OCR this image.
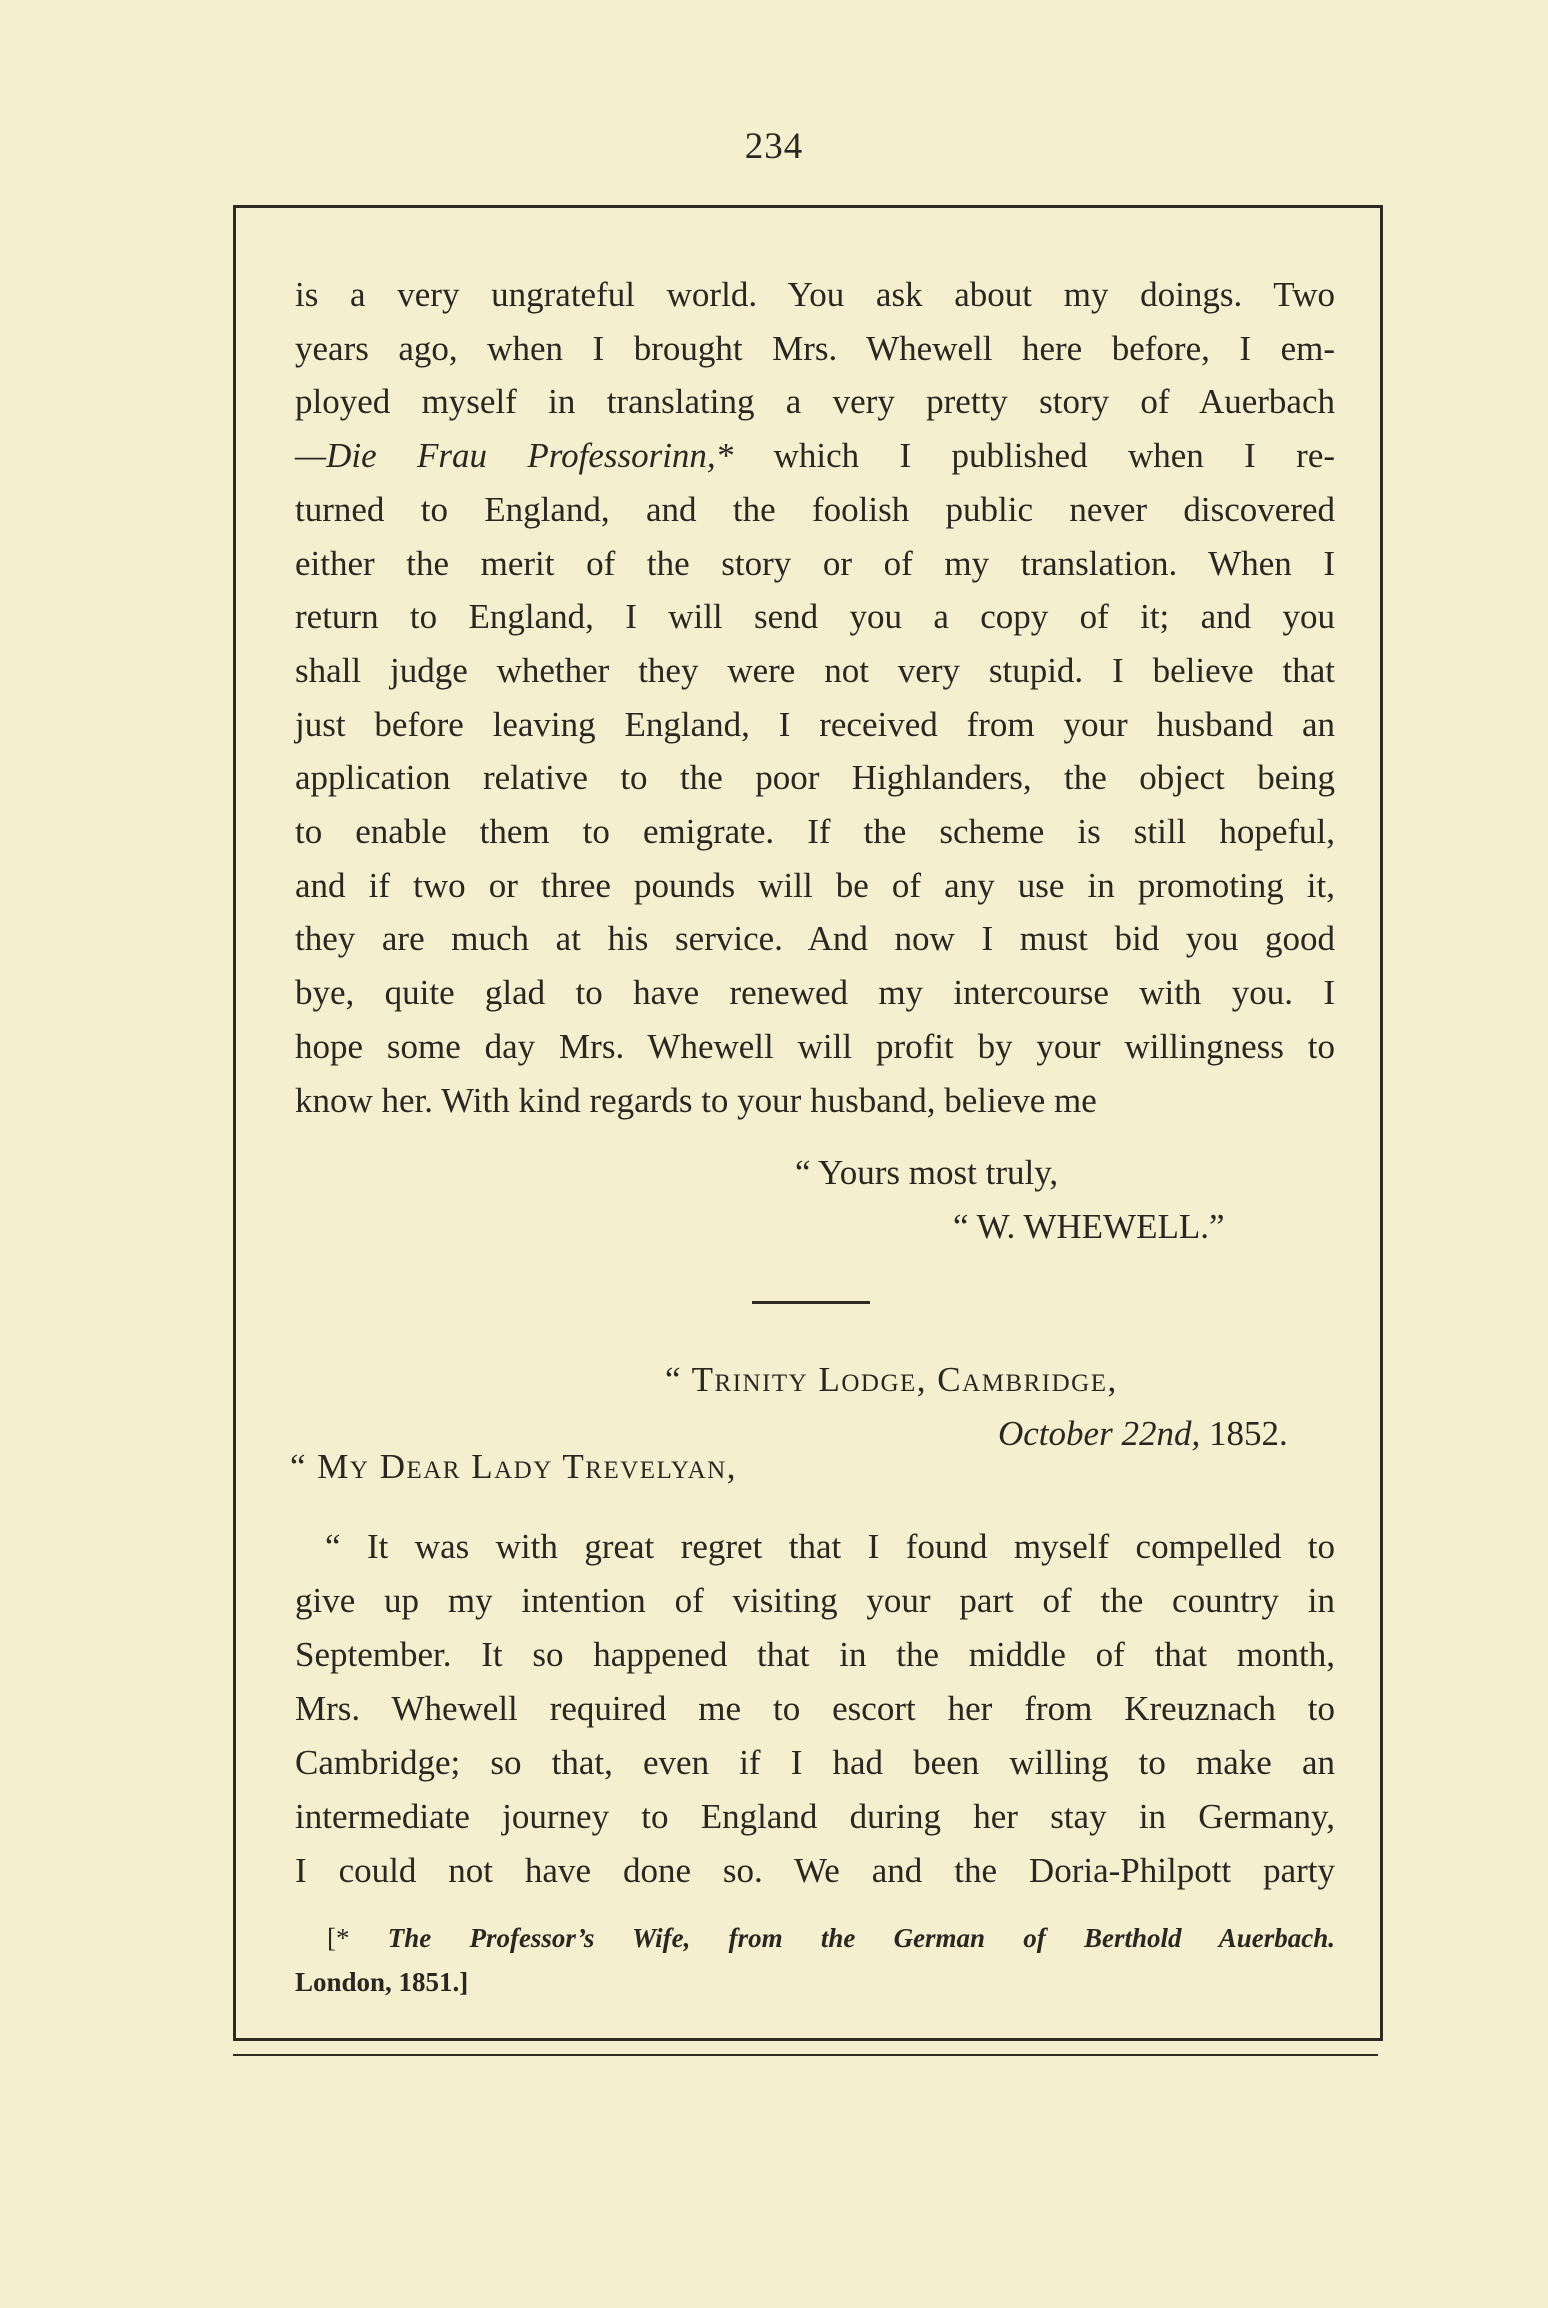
234
is a very ungrateful world. You ask about my doings. Two
years ago, when I brought Mrs. Whewell here before, I em-
ployed myself in translating a very pretty story of Auerbach
—Die Frau Professorinn,* which I published when I re-
turned to England, and the foolish public never discovered
either the merit of the story or of my translation. When I
return to England, I will send you a copy of it; and you
shall judge whether they were not very stupid. I believe that
just before leaving England, I received from your husband an
application relative to the poor Highlanders, the object being
to enable them to emigrate. If the scheme is still hopeful,
and if two or three pounds will be of any use in promoting it,
they are much at his service. And now I must bid you good
bye, quite glad to have renewed my intercourse with you. I
hope some day Mrs. Whewell will profit by your willingness to
know her. With kind regards to your husband, believe me
“ Yours most truly,
“ W. WHEWELL.”
“ Trinity Lodge, Cambridge,
October 22nd, 1852.
“ My Dear Lady Trevelyan,
“ It was with great regret that I found myself compelled to
give up my intention of visiting your part of the country in
September. It so happened that in the middle of that month,
Mrs. Whewell required me to escort her from Kreuznach to
Cambridge; so that, even if I had been willing to make an
intermediate journey to England during her stay in Germany,
I could not have done so. We and the Doria-Philpott party
[* The Professor’s Wife, from the German of Berthold Auerbach.
London, 1851.]
